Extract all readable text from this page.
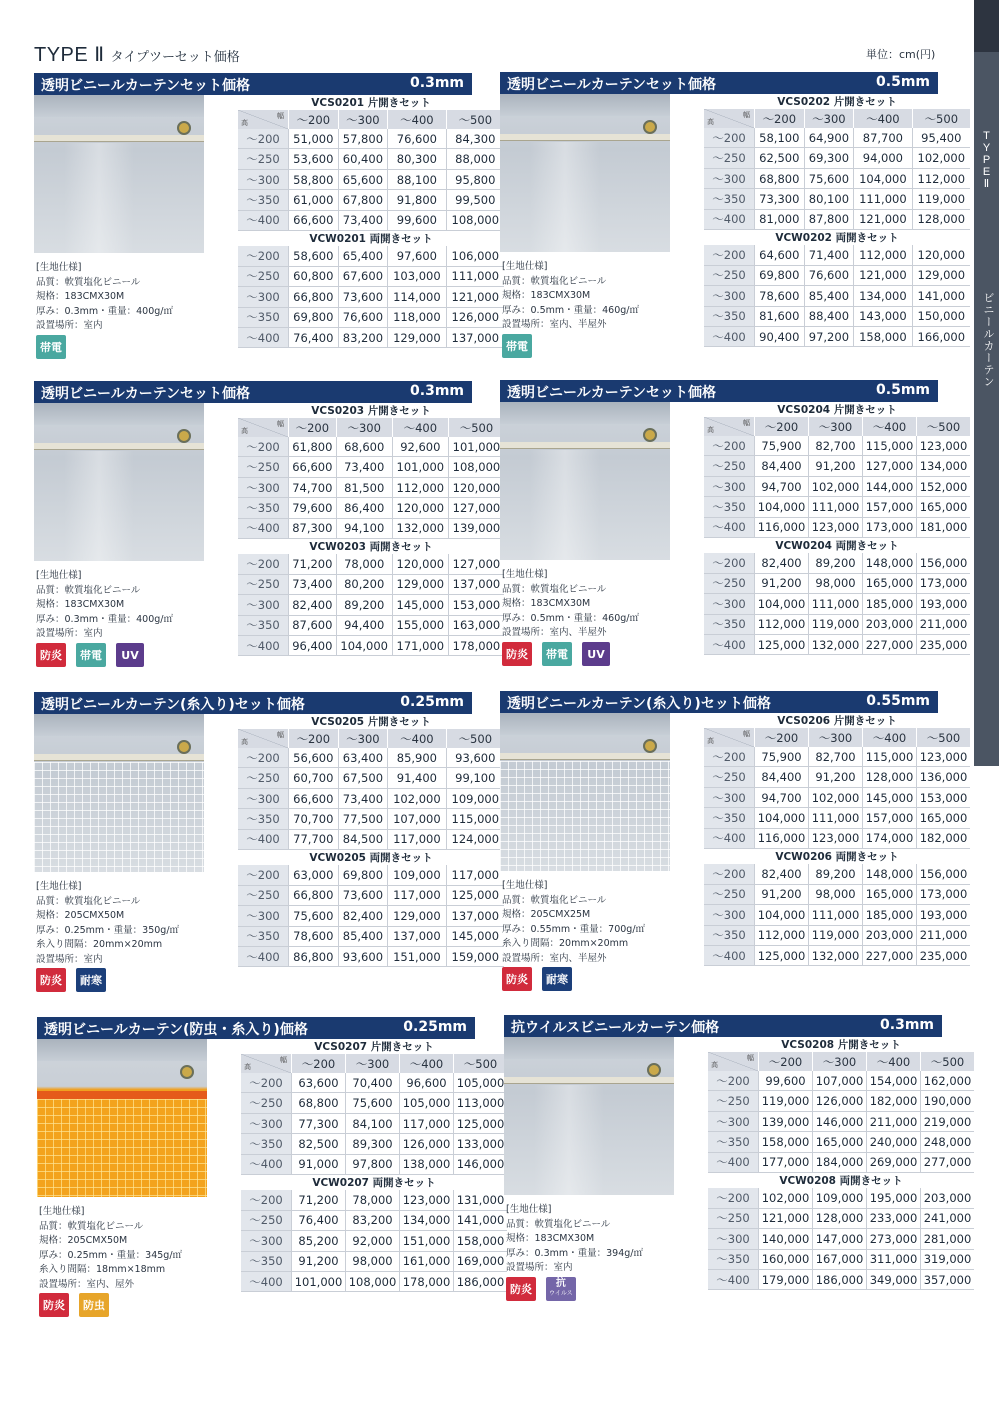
TYPE Ⅱ タイプツーセット価格	単位：cm(円)
T
Y
P
E
Ⅱ
ビニールカーテン
透明ビニールカーテンセット価格	0.3mm
[生地仕様]
品質：軟質塩化ビニール
規格：183CMX30M
厚み：0.3mm・重量：400g/㎡
設置場所：室内
帯電
VCS0201 片開きセット				

幅
高	～200	～300	～400	～500
～200	51,000	57,800	76,600	84,300
～250	53,600	60,400	80,300	88,000
～300	58,800	65,600	88,100	95,800
～350	61,000	67,800	91,800	99,500
～400	66,600	73,400	99,600	108,000
VCW0201 両開きセット				
～200	58,600	65,400	97,600	106,000
～250	60,800	67,600	103,000	111,000
～300	66,800	73,600	114,000	121,000
～350	69,800	76,600	118,000	126,000
～400	76,400	83,200	129,000	137,000
透明ビニールカーテンセット価格	0.5mm
[生地仕様]
品質：軟質塩化ビニール
規格：183CMX30M
厚み：0.5mm・重量：460g/㎡
設置場所：室内、半屋外
帯電
VCS0202 片開きセット				

幅
高	～200	～300	～400	～500
～200	58,100	64,900	87,700	95,400
～250	62,500	69,300	94,000	102,000
～300	68,800	75,600	104,000	112,000
～350	73,300	80,100	111,000	119,000
～400	81,000	87,800	121,000	128,000
VCW0202 両開きセット				
～200	64,600	71,400	112,000	120,000
～250	69,800	76,600	121,000	129,000
～300	78,600	85,400	134,000	141,000
～350	81,600	88,400	143,000	150,000
～400	90,400	97,200	158,000	166,000
透明ビニールカーテンセット価格	0.3mm
[生地仕様]
品質：軟質塩化ビニール
規格：183CMX30M
厚み：0.3mm・重量：400g/㎡
設置場所：室内
防炎	帯電	UV
VCS0203 片開きセット				

幅
高	～200	～300	～400	～500
～200	61,800	68,600	92,600	101,000
～250	66,600	73,400	101,000	108,000
～300	74,700	81,500	112,000	120,000
～350	79,600	86,400	120,000	127,000
～400	87,300	94,100	132,000	139,000
VCW0203 両開きセット				
～200	71,200	78,000	120,000	127,000
～250	73,400	80,200	129,000	137,000
～300	82,400	89,200	145,000	153,000
～350	87,600	94,400	155,000	163,000
～400	96,400	104,000	171,000	178,000
透明ビニールカーテンセット価格	0.5mm
[生地仕様]
品質：軟質塩化ビニール
規格：183CMX30M
厚み：0.5mm・重量：460g/㎡
設置場所：室内、半屋外
防炎	帯電	UV
VCS0204 片開きセット				

幅
高	～200	～300	～400	～500
～200	75,900	82,700	115,000	123,000
～250	84,400	91,200	127,000	134,000
～300	94,700	102,000	144,000	152,000
～350	104,000	111,000	157,000	165,000
～400	116,000	123,000	173,000	181,000
VCW0204 両開きセット				
～200	82,400	89,200	148,000	156,000
～250	91,200	98,000	165,000	173,000
～300	104,000	111,000	185,000	193,000
～350	112,000	119,000	203,000	211,000
～400	125,000	132,000	227,000	235,000
透明ビニールカーテン(糸入り)セット価格	0.25mm
[生地仕様]
品質：軟質塩化ビニール
規格：205CMX50M
厚み：0.25mm・重量：350g/㎡
糸入り間隔：20mm×20mm
設置場所：室内
防炎	耐寒
VCS0205 片開きセット				

幅
高	～200	～300	～400	～500
～200	56,600	63,400	85,900	93,600
～250	60,700	67,500	91,400	99,100
～300	66,600	73,400	102,000	109,000
～350	70,700	77,500	107,000	115,000
～400	77,700	84,500	117,000	124,000
VCW0205 両開きセット				
～200	63,000	69,800	109,000	117,000
～250	66,800	73,600	117,000	125,000
～300	75,600	82,400	129,000	137,000
～350	78,600	85,400	137,000	145,000
～400	86,800	93,600	151,000	159,000
透明ビニールカーテン(糸入り)セット価格	0.55mm
[生地仕様]
品質：軟質塩化ビニール
規格：205CMX25M
厚み：0.55mm・重量：700g/㎡
糸入り間隔：20mm×20mm
設置場所：室内、半屋外
防炎	耐寒
VCS0206 片開きセット				

幅
高	～200	～300	～400	～500
～200	75,900	82,700	115,000	123,000
～250	84,400	91,200	128,000	136,000
～300	94,700	102,000	145,000	153,000
～350	104,000	111,000	157,000	165,000
～400	116,000	123,000	174,000	182,000
VCW0206 両開きセット				
～200	82,400	89,200	148,000	156,000
～250	91,200	98,000	165,000	173,000
～300	104,000	111,000	185,000	193,000
～350	112,000	119,000	203,000	211,000
～400	125,000	132,000	227,000	235,000
透明ビニールカーテン(防虫・糸入り)価格	0.25mm
[生地仕様]
品質：軟質塩化ビニール
規格：205CMX50M
厚み：0.25mm・重量：345g/㎡
糸入り間隔：18mm×18mm
設置場所：室内、屋外
防炎	防虫
VCS0207 片開きセット				

幅
高	～200	～300	～400	～500
～200	63,600	70,400	96,600	105,000
～250	68,800	75,600	105,000	113,000
～300	77,300	84,100	117,000	125,000
～350	82,500	89,300	126,000	133,000
～400	91,000	97,800	138,000	146,000
VCW0207 両開きセット				
～200	71,200	78,000	123,000	131,000
～250	76,400	83,200	134,000	141,000
～300	85,200	92,000	151,000	158,000
～350	91,200	98,000	161,000	169,000
～400	101,000	108,000	178,000	186,000
抗ウイルスビニールカーテン価格	0.3mm
[生地仕様]
品質：軟質塩化ビニール
規格：183CMX30M
厚み：0.3mm・重量：394g/㎡
設置場所：室内
防炎	抗
ウイルス
VCS0208 片開きセット				

幅
高	～200	～300	～400	～500
～200	99,600	107,000	154,000	162,000
～250	119,000	126,000	182,000	190,000
～300	139,000	146,000	211,000	219,000
～350	158,000	165,000	240,000	248,000
～400	177,000	184,000	269,000	277,000
VCW0208 両開きセット				
～200	102,000	109,000	195,000	203,000
～250	121,000	128,000	233,000	241,000
～300	140,000	147,000	273,000	281,000
～350	160,000	167,000	311,000	319,000
～400	179,000	186,000	349,000	357,000
